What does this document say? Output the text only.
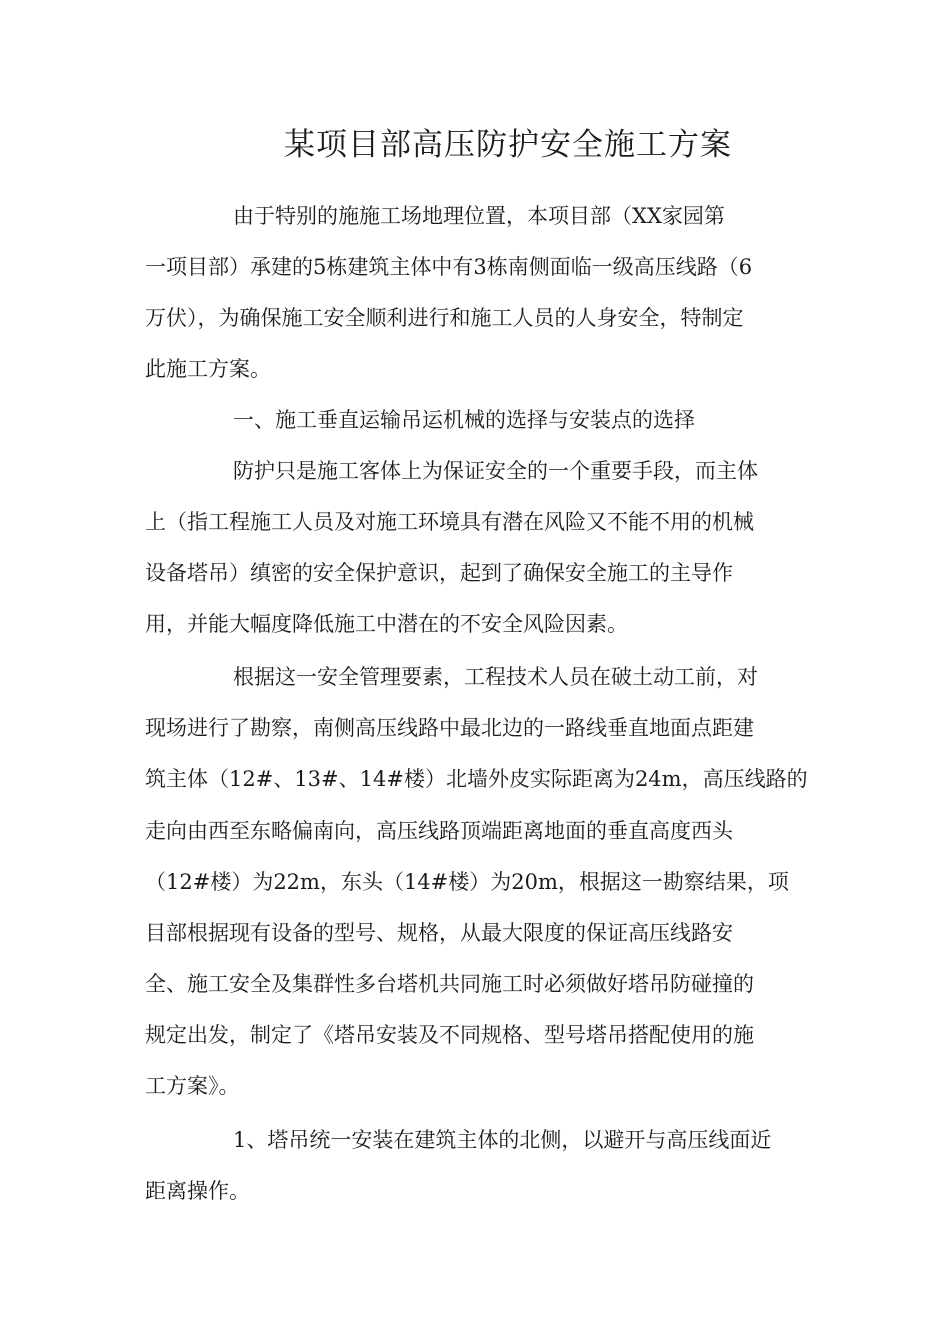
某项目部高压防护安全施工方案

由于特别的施施工场地理位置，本项目部（XX家园第

一项目部）承建的5栋建筑主体中有3栋南侧面临一级高压线路（6

万伏），为确保施工安全顺利进行和施工人员的人身安全，特制定

此施工方案。

一、施工垂直运输吊运机械的选择与安装点的选择

防护只是施工客体上为保证安全的一个重要手段，而主体

上（指工程施工人员及对施工环境具有潜在风险又不能不用的机械

设备塔吊）缜密的安全保护意识，起到了确保安全施工的主导作

用，并能大幅度降低施工中潜在的不安全风险因素。

根据这一安全管理要素，工程技术人员在破土动工前，对

现场进行了勘察，南侧高压线路中最北边的一路线垂直地面点距建

筑主体（12#、13#、14#楼）北墙外皮实际距离为24m，高压线路的

走向由西至东略偏南向，高压线路顶端距离地面的垂直高度西头

（12#楼）为22m，东头（14#楼）为20m，根据这一勘察结果，项

目部根据现有设备的型号、规格，从最大限度的保证高压线路安

全、施工安全及集群性多台塔机共同施工时必须做好塔吊防碰撞的

规定出发，制定了《塔吊安装及不同规格、型号塔吊搭配使用的施

工方案》。

1、塔吊统一安装在建筑主体的北侧，以避开与高压线面近

距离操作。
